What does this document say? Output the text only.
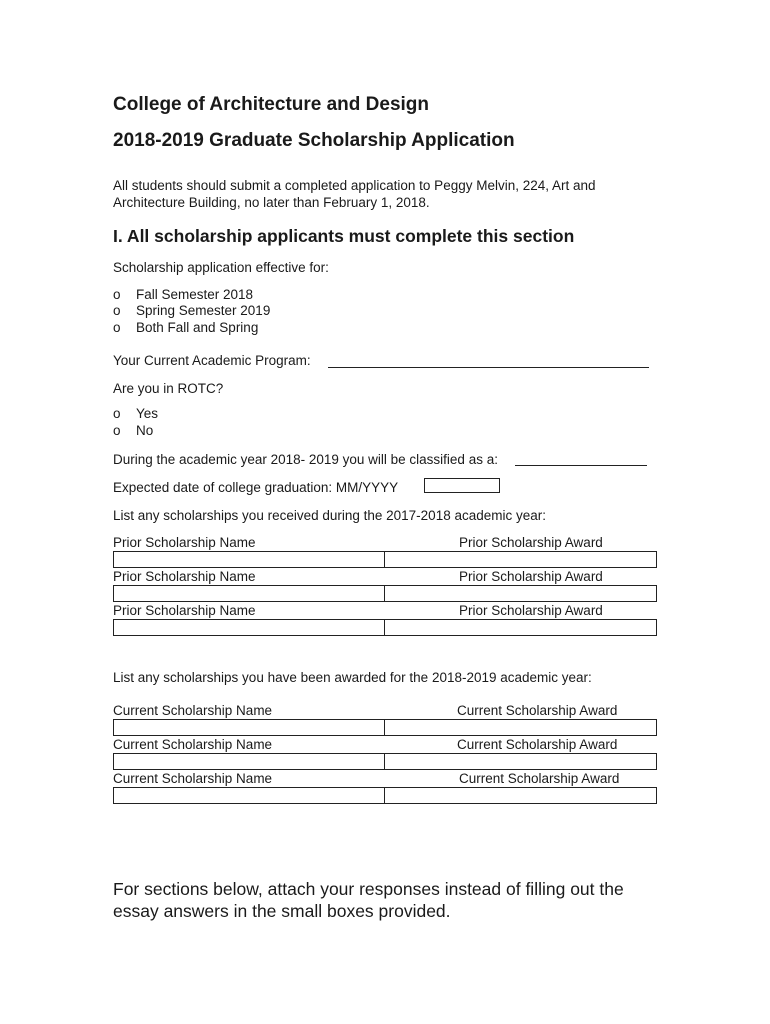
College of Architecture and Design
2018-2019 Graduate Scholarship Application
All students should submit a completed application to Peggy Melvin, 224, Art and
Architecture Building, no later than February 1, 2018.
I. All scholarship applicants must complete this section
Scholarship application effective for:
o Fall Semester 2018
o Spring Semester 2019
o Both Fall and Spring
Your Current Academic Program:
Are you in ROTC?
o Yes
o No
During the academic year 2018- 2019 you will be classified as a:
Expected date of college graduation: MM/YYYY
List any scholarships you received during the 2017-2018 academic year:
Prior Scholarship Name	Prior Scholarship Award
Prior Scholarship Name	Prior Scholarship Award
Prior Scholarship Name	Prior Scholarship Award
List any scholarships you have been awarded for the 2018-2019 academic year:
Current Scholarship Name	Current Scholarship Award
Current Scholarship Name	Current Scholarship Award
Current Scholarship Name	Current Scholarship Award
For sections below, attach your responses instead of filling out the
essay answers in the small boxes provided.
